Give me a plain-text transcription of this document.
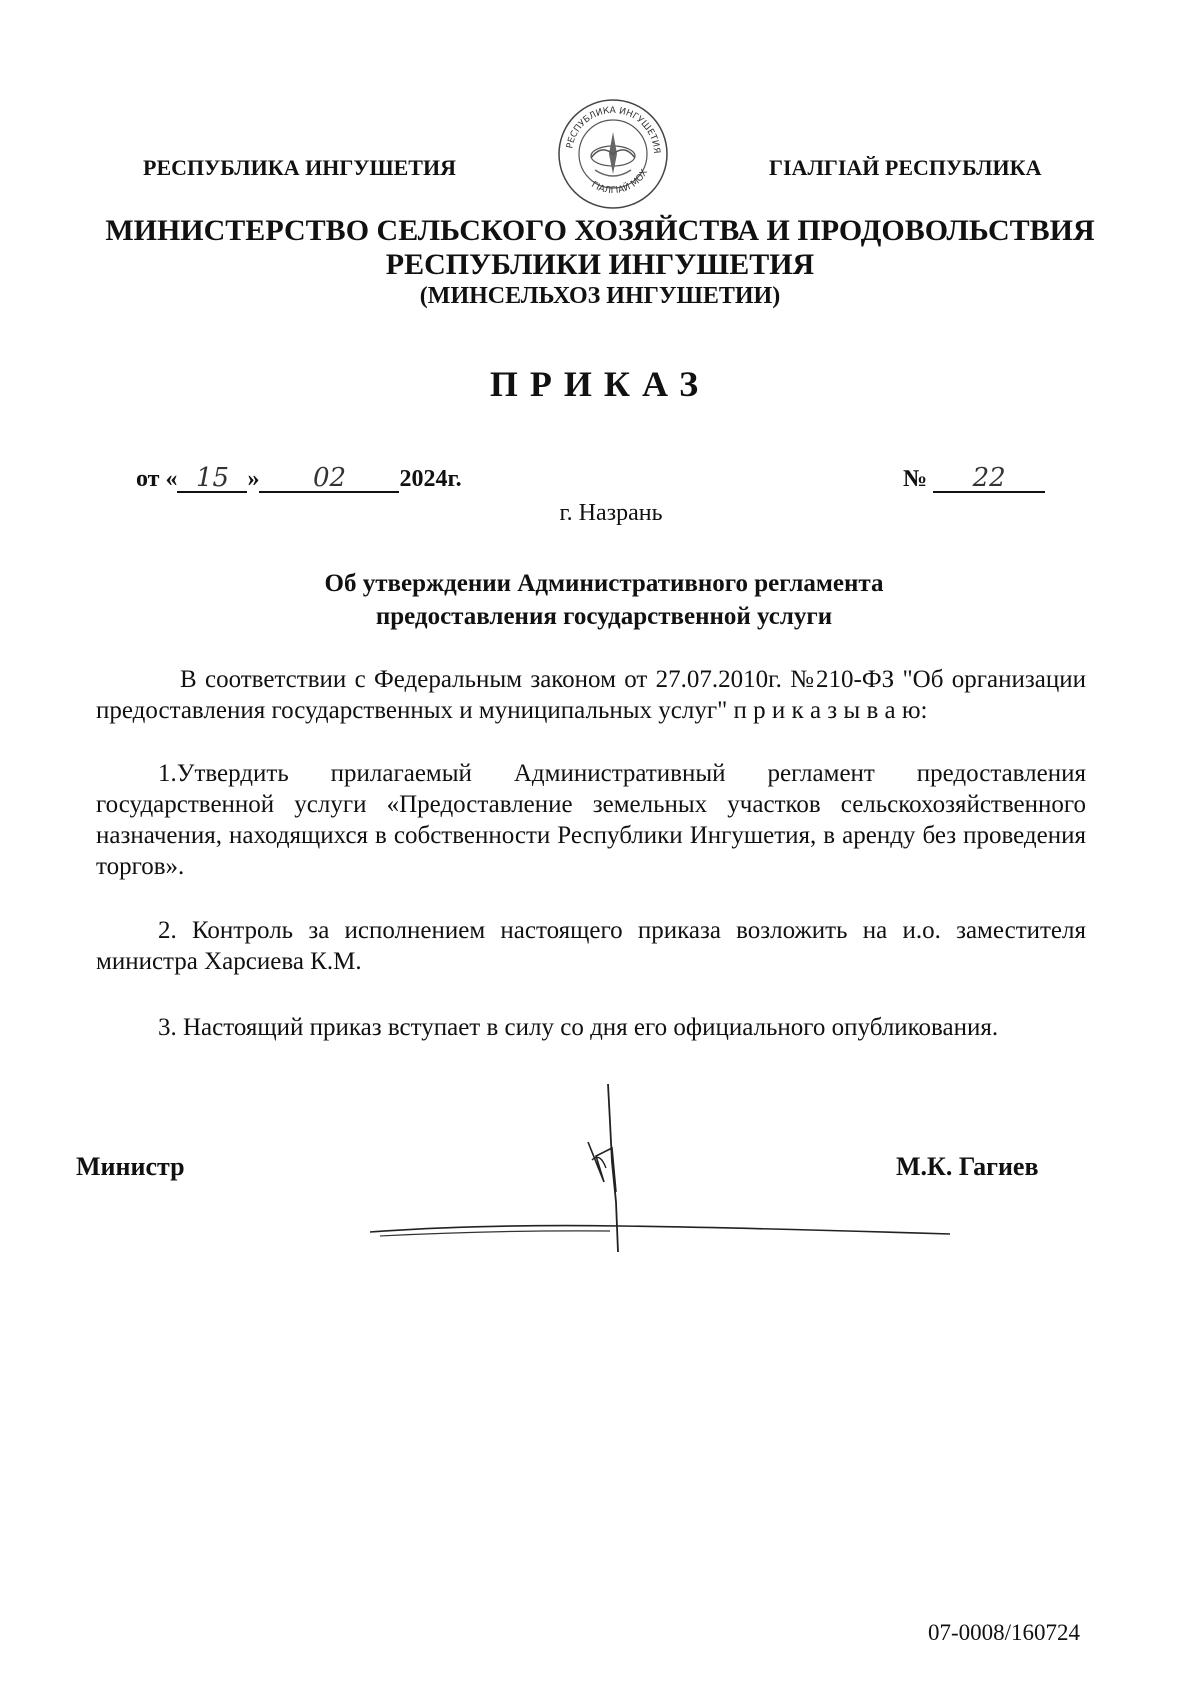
РЕСПУБЛИКА ИНГУШЕТИЯ
РЕСПУБЛИКА ИНГУШЕТИЯ
ГIАЛГIАЙ МОХ	ГIАЛГIАЙ РЕСПУБЛИКА
МИНИСТЕРСТВО СЕЛЬСКОГО ХОЗЯЙСТВА И ПРОДОВОЛЬСТВИЯ
РЕСПУБЛИКИ ИНГУШЕТИЯ
(МИНСЕЛЬХОЗ ИНГУШЕТИИ)
ПРИКАЗ
от « 15 » 02 2024г.	№ 22
г. Назрань
Об утверждении Административного регламента
предоставления государственной услуги
В соответствии с Федеральным законом от 27.07.2010г. №210-ФЗ "Об организации предоставления государственных и муниципальных услуг" п р и к а з ы в а ю:
1.Утвердить прилагаемый Административный регламент предоставления государственной услуги «Предоставление земельных участков сельскохозяйственного назначения, находящихся в собственности Республики Ингушетия, в аренду без проведения торгов».
2. Контроль за исполнением настоящего приказа возложить на и.о. заместителя министра Харсиева К.М.
3. Настоящий приказ вступает в силу со дня его официального опубликования.
Министр	М.К. Гагиев
07-0008/160724
